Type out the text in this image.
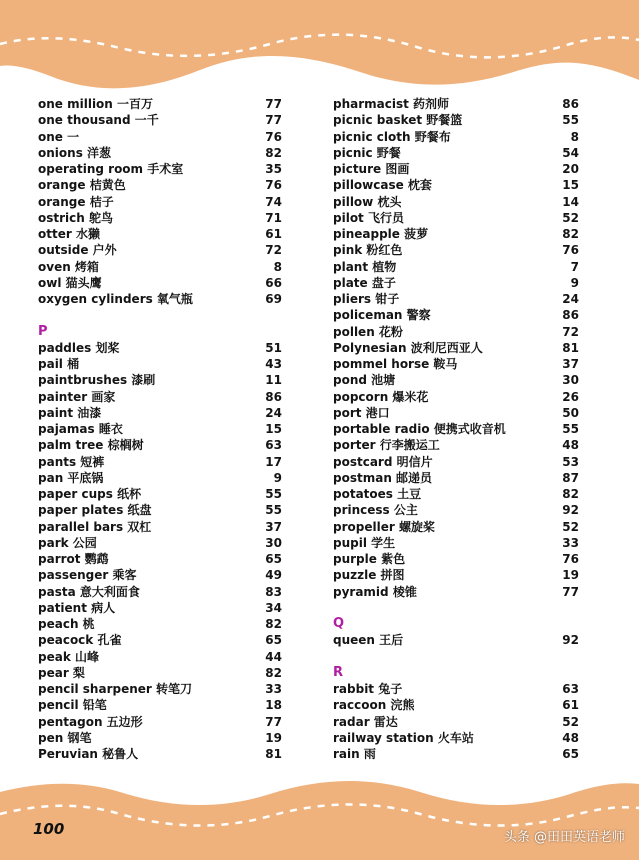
one million 一百万	77
one thousand 一千	77
one 一	76
onions 洋葱	82
operating room 手术室	35
orange 桔黄色	76
orange 桔子	74
ostrich 鸵鸟	71
otter 水獭	61
outside 户外	72
oven 烤箱	8
owl 猫头鹰	66
oxygen cylinders 氧气瓶	69
P
paddles 划桨	51
pail 桶	43
paintbrushes 漆刷	11
painter 画家	86
paint 油漆	24
pajamas 睡衣	15
palm tree 棕榈树	63
pants 短裤	17
pan 平底锅	9
paper cups 纸杯	55
paper plates 纸盘	55
parallel bars 双杠	37
park 公园	30
parrot 鹦鹉	65
passenger 乘客	49
pasta 意大利面食	83
patient 病人	34
peach 桃	82
peacock 孔雀	65
peak 山峰	44
pear 梨	82
pencil sharpener 转笔刀	33
pencil 铅笔	18
pentagon 五边形	77
pen 钢笔	19
Peruvian 秘鲁人	81
pharmacist 药剂师	86
picnic basket 野餐篮	55
picnic cloth 野餐布	8
picnic 野餐	54
picture 图画	20
pillowcase 枕套	15
pillow 枕头	14
pilot 飞行员	52
pineapple 菠萝	82
pink 粉红色	76
plant 植物	7
plate 盘子	9
pliers 钳子	24
policeman 警察	86
pollen 花粉	72
Polynesian 波利尼西亚人	81
pommel horse 鞍马	37
pond 池塘	30
popcorn 爆米花	26
port 港口	50
portable radio 便携式收音机	55
porter 行李搬运工	48
postcard 明信片	53
postman 邮递员	87
potatoes 土豆	82
princess 公主	92
propeller 螺旋桨	52
pupil 学生	33
purple 紫色	76
puzzle 拼图	19
pyramid 棱锥	77
Q
queen 王后	92
R
rabbit 兔子	63
raccoon 浣熊	61
radar 雷达	52
railway station 火车站	48
rain 雨	65
100	头条 @田田英语老师
